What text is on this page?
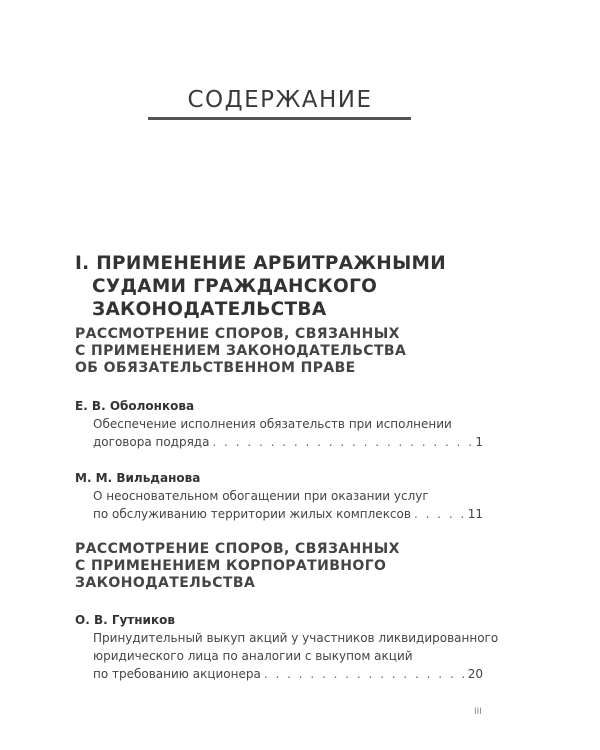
СОДЕРЖАНИЕ
I. ПРИМЕНЕНИЕ АРБИТРАЖНЫМИ
СУДАМИ ГРАЖДАНСКОГО
ЗАКОНОДАТЕЛЬСТВА
РАССМОТРЕНИЕ СПОРОВ, СВЯЗАННЫХ
С ПРИМЕНЕНИЕМ ЗАКОНОДАТЕЛЬСТВА
ОБ ОБЯЗАТЕЛЬСТВЕННОМ ПРАВЕ
Е. В. Оболонкова
Обеспечение исполнения обязательств при исполнении
договора подряда . . .	1
М. М. Вильданова
О неосновательном обогащении при оказании услуг
по обслуживанию территории жилых комплексов . . .	11
РАССМОТРЕНИЕ СПОРОВ, СВЯЗАННЫХ
С ПРИМЕНЕНИЕМ КОРПОРАТИВНОГО
ЗАКОНОДАТЕЛЬСТВА
О. В. Гутников
Принудительный выкуп акций у участников ликвидированного
юридического лица по аналогии с выкупом акций
по требованию акционера . . .	20
III
